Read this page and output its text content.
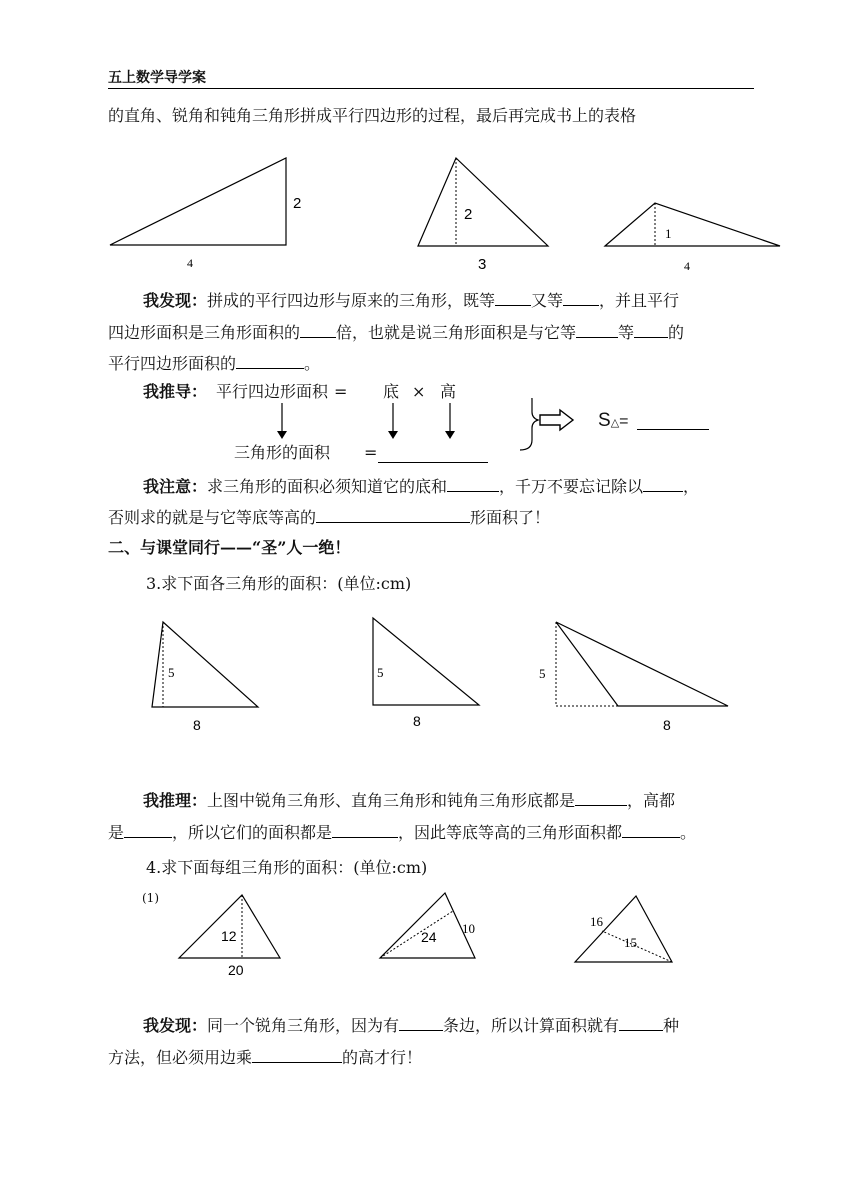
五上数学导学案
的直角、锐角和钝角三角形拼成平行四边形的过程，最后再完成书上的表格
2
4
2
3
1
4
我发现：拼成的平行四边形与原来的三角形，既等 又等 ，并且平行
四边形面积是三角形面积的 倍，也就是说三角形面积是与它等	等 的
平行四边形面积的	。
我推导： 平行四边形面积 = 底 × 高
三角形的面积 =
S△=
我注意：求三角形的面积必须知道它的底和	，千万不要忘记除以	，
否则求的就是与它等底等高的	形面积了！
二、与课堂同行——“圣”人一绝！
3.求下面各三角形的面积：(单位:cm)
5
8
5
8
5
8
我推理：上图中锐角三角形、直角三角形和钝角三角形底都是	，高都
是	，所以它们的面积都是	，因此等底等高的三角形面积都	。
4.求下面每组三角形的面积：(单位:cm)
(1)
12
20
24
10	16
15
我发现：同一个锐角三角形，因为有	条边，所以计算面积就有	种
方法，但必须用边乘	的高才行！
